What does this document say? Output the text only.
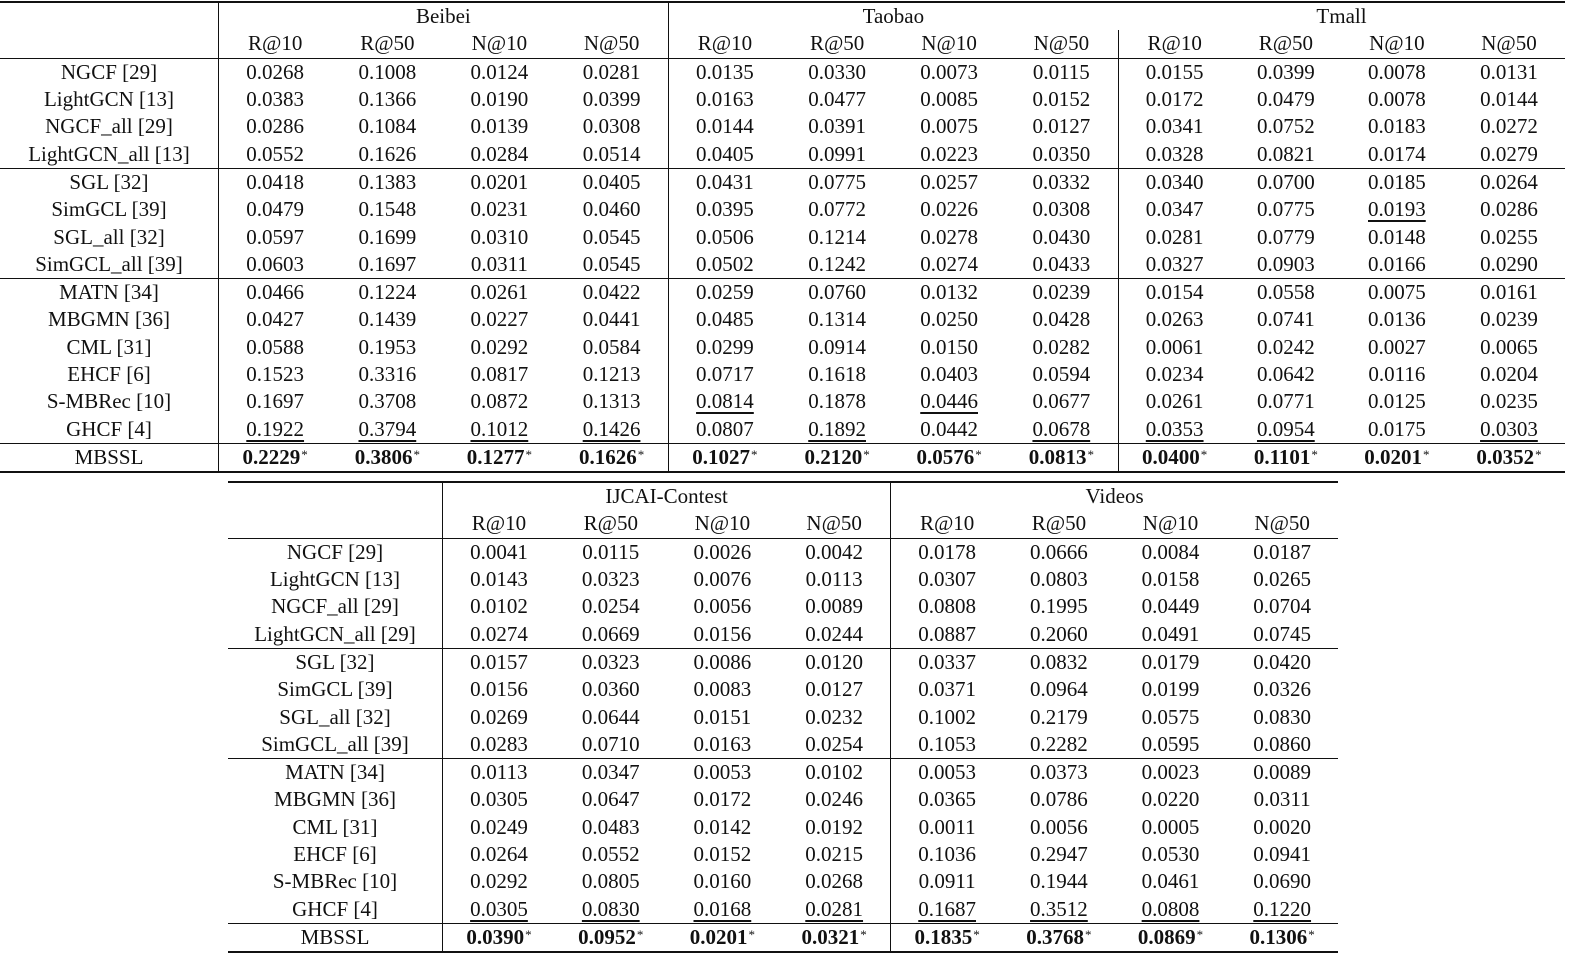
	Beibei				Taobao				Tmall			
	R@10	R@50	N@10	N@50	R@10	R@50	N@10	N@50	R@10	R@50	N@10	N@50
NGCF [29]	0.0268	0.1008	0.0124	0.0281	0.0135	0.0330	0.0073	0.0115	0.0155	0.0399	0.0078	0.0131
LightGCN [13]	0.0383	0.1366	0.0190	0.0399	0.0163	0.0477	0.0085	0.0152	0.0172	0.0479	0.0078	0.0144
NGCF_all [29]	0.0286	0.1084	0.0139	0.0308	0.0144	0.0391	0.0075	0.0127	0.0341	0.0752	0.0183	0.0272
LightGCN_all [13]	0.0552	0.1626	0.0284	0.0514	0.0405	0.0991	0.0223	0.0350	0.0328	0.0821	0.0174	0.0279
SGL [32]	0.0418	0.1383	0.0201	0.0405	0.0431	0.0775	0.0257	0.0332	0.0340	0.0700	0.0185	0.0264
SimGCL [39]	0.0479	0.1548	0.0231	0.0460	0.0395	0.0772	0.0226	0.0308	0.0347	0.0775	0.0193	0.0286
SGL_all [32]	0.0597	0.1699	0.0310	0.0545	0.0506	0.1214	0.0278	0.0430	0.0281	0.0779	0.0148	0.0255
SimGCL_all [39]	0.0603	0.1697	0.0311	0.0545	0.0502	0.1242	0.0274	0.0433	0.0327	0.0903	0.0166	0.0290
MATN [34]	0.0466	0.1224	0.0261	0.0422	0.0259	0.0760	0.0132	0.0239	0.0154	0.0558	0.0075	0.0161
MBGMN [36]	0.0427	0.1439	0.0227	0.0441	0.0485	0.1314	0.0250	0.0428	0.0263	0.0741	0.0136	0.0239
CML [31]	0.0588	0.1953	0.0292	0.0584	0.0299	0.0914	0.0150	0.0282	0.0061	0.0242	0.0027	0.0065
EHCF [6]	0.1523	0.3316	0.0817	0.1213	0.0717	0.1618	0.0403	0.0594	0.0234	0.0642	0.0116	0.0204
S-MBRec [10]	0.1697	0.3708	0.0872	0.1313	0.0814	0.1878	0.0446	0.0677	0.0261	0.0771	0.0125	0.0235
GHCF [4]	0.1922	0.3794	0.1012	0.1426	0.0807	0.1892	0.0442	0.0678	0.0353	0.0954	0.0175	0.0303
MBSSL	0.2229*	0.3806*	0.1277*	0.1626*	0.1027*	0.2120*	0.0576*	0.0813*	0.0400*	0.1101*	0.0201*	0.0352*
	IJCAI-Contest				Videos			
	R@10	R@50	N@10	N@50	R@10	R@50	N@10	N@50
NGCF [29]	0.0041	0.0115	0.0026	0.0042	0.0178	0.0666	0.0084	0.0187
LightGCN [13]	0.0143	0.0323	0.0076	0.0113	0.0307	0.0803	0.0158	0.0265
NGCF_all [29]	0.0102	0.0254	0.0056	0.0089	0.0808	0.1995	0.0449	0.0704
LightGCN_all [29]	0.0274	0.0669	0.0156	0.0244	0.0887	0.2060	0.0491	0.0745
SGL [32]	0.0157	0.0323	0.0086	0.0120	0.0337	0.0832	0.0179	0.0420
SimGCL [39]	0.0156	0.0360	0.0083	0.0127	0.0371	0.0964	0.0199	0.0326
SGL_all [32]	0.0269	0.0644	0.0151	0.0232	0.1002	0.2179	0.0575	0.0830
SimGCL_all [39]	0.0283	0.0710	0.0163	0.0254	0.1053	0.2282	0.0595	0.0860
MATN [34]	0.0113	0.0347	0.0053	0.0102	0.0053	0.0373	0.0023	0.0089
MBGMN [36]	0.0305	0.0647	0.0172	0.0246	0.0365	0.0786	0.0220	0.0311
CML [31]	0.0249	0.0483	0.0142	0.0192	0.0011	0.0056	0.0005	0.0020
EHCF [6]	0.0264	0.0552	0.0152	0.0215	0.1036	0.2947	0.0530	0.0941
S-MBRec [10]	0.0292	0.0805	0.0160	0.0268	0.0911	0.1944	0.0461	0.0690
GHCF [4]	0.0305	0.0830	0.0168	0.0281	0.1687	0.3512	0.0808	0.1220
MBSSL	0.0390*	0.0952*	0.0201*	0.0321*	0.1835*	0.3768*	0.0869*	0.1306*
